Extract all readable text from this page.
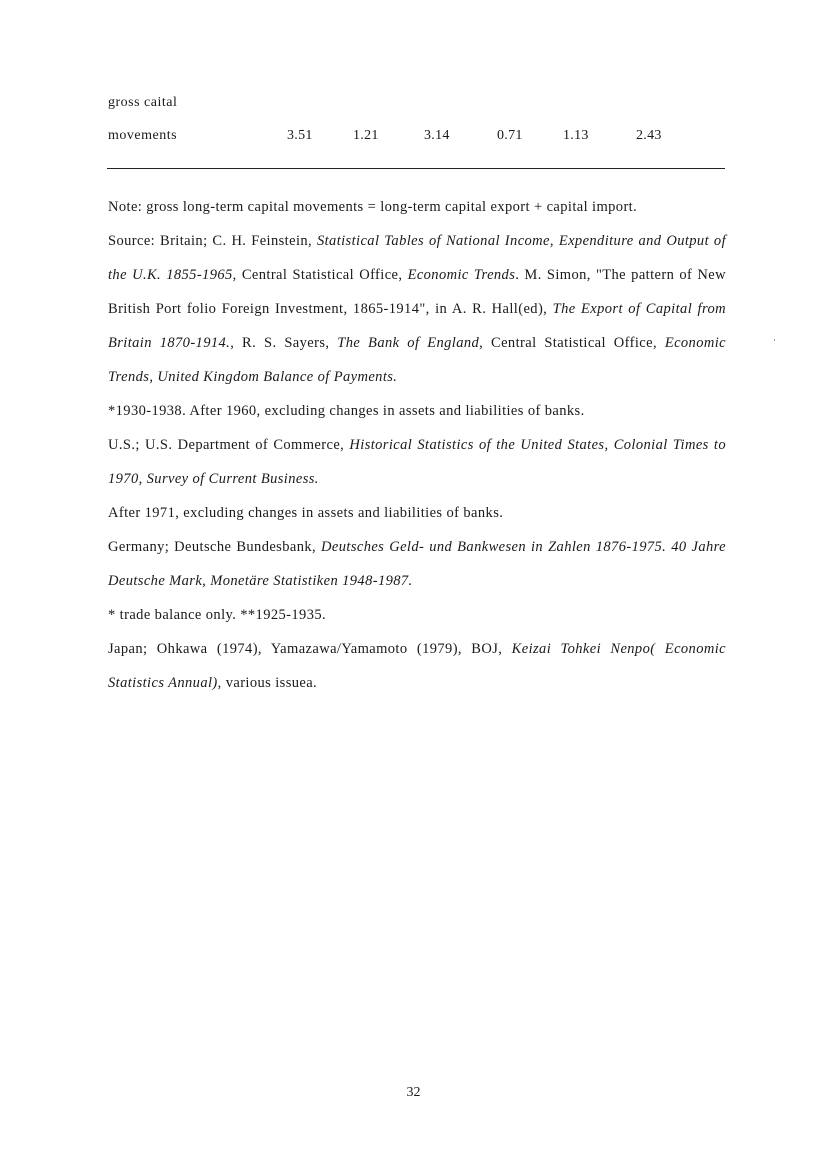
gross caital
movements	3.51	1.21	3.14	0.71	1.13	2.43

Note: gross long-term capital movements = long-term capital export + capital import.

Source: Britain; C. H. Feinstein, Statistical Tables of National Income, Expenditure and Output of the U.K. 1855-1965, Central Statistical Office, Economic Trends. M. Simon, "The pattern of New British Port folio Foreign Investment, 1865-1914", in A. R. Hall(ed), The Export of Capital from Britain 1870-1914., R. S. Sayers, The Bank of England, Central Statistical Office, Economic Trends, United Kingdom Balance of Payments.

*1930-1938. After 1960, excluding changes in assets and liabilities of banks.

U.S.; U.S. Department of Commerce, Historical Statistics of the United States, Colonial Times to 1970, Survey of Current Business.

After 1971, excluding changes in assets and liabilities of banks.

Germany; Deutsche Bundesbank, Deutsches Geld- und Bankwesen in Zahlen 1876-1975. 40 Jahre Deutsche Mark, Monetäre Statistiken 1948-1987.

* trade balance only. **1925-1935.

Japan; Ohkawa (1974), Yamazawa/Yamamoto (1979), BOJ, Keizai Tohkei Nenpo( Economic Statistics Annual), various issuea.

32
